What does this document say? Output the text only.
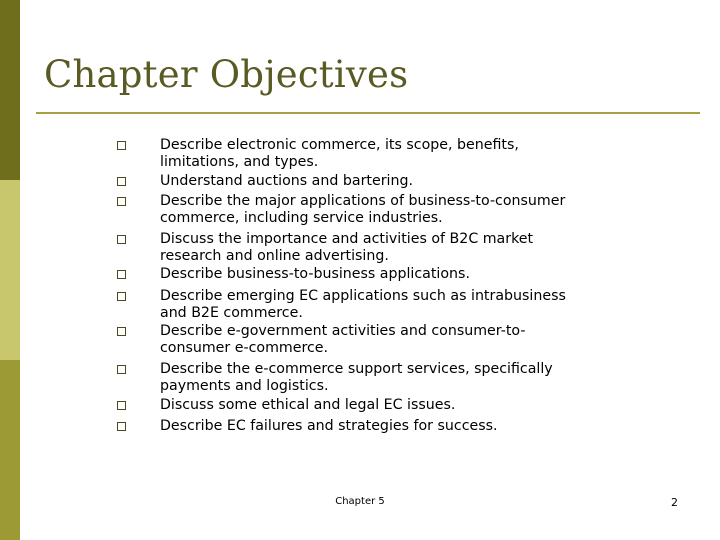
Chapter Objectives
Describe electronic commerce, its scope, benefits,
limitations, and types.
Understand auctions and bartering.
Describe the major applications of business-to-consumer
commerce, including service industries.
Discuss the importance and activities of B2C market
research and online advertising.
Describe business-to-business applications.
Describe emerging EC applications such as intrabusiness
and B2E commerce.
Describe e-government activities and consumer-to-
consumer e-commerce.
Describe the e-commerce support services, specifically
payments and logistics.
Discuss some ethical and legal EC issues.
Describe EC failures and strategies for success.
Chapter 5	2
